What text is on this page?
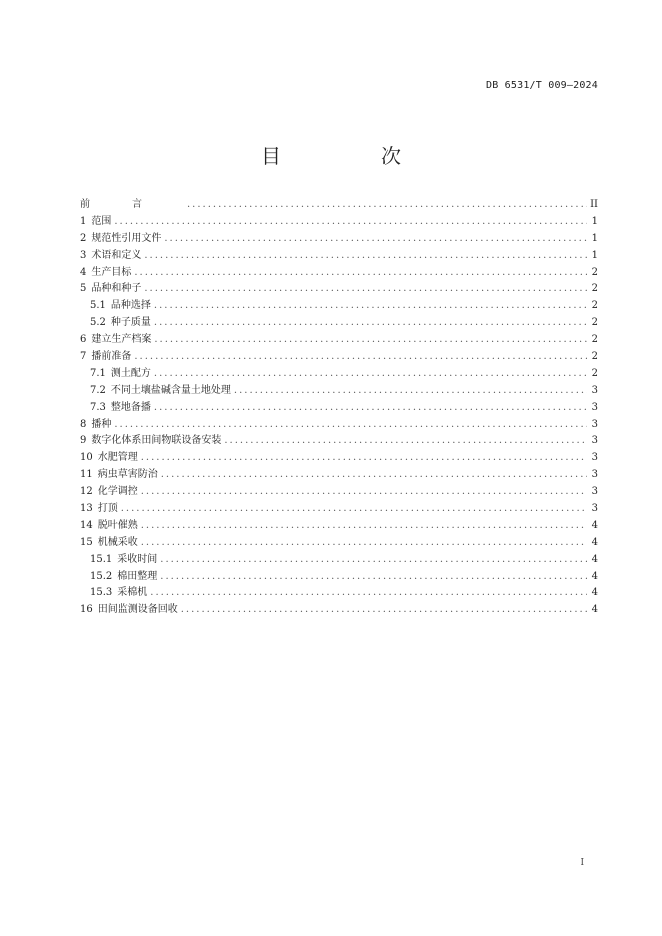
DB 6531/T 009—2024
目　次
前言 .....	II
1 范围 .....	1
2 规范性引用文件 .....	1
3 术语和定义 .....	1
4 生产目标 .....	2
5 品种和种子 .....	2
5.1 品种选择 .....	2
5.2 种子质量 .....	2
6 建立生产档案 .....	2
7 播前准备 .....	2
7.1 测土配方 .....	2
7.2 不同土壤盐碱含量土地处理 .....	3
7.3 整地备播 .....	3
8 播种 .....	3
9 数字化体系田间物联设备安装 .....	3
10 水肥管理 .....	3
11 病虫草害防治 .....	3
12 化学调控 .....	3
13 打顶 .....	3
14 脱叶催熟 .....	4
15 机械采收 .....	4
15.1 采收时间 .....	4
15.2 棉田整理 .....	4
15.3 采棉机 .....	4
16 田间监测设备回收 .....	4
I
